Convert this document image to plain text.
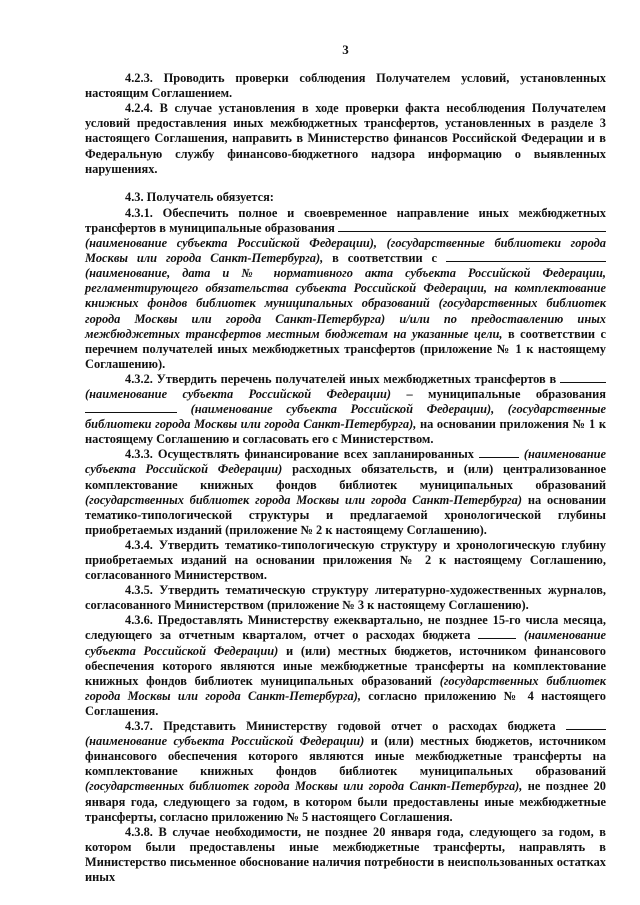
3

4.2.3. Проводить проверки соблюдения Получателем условий, установленных настоящим Соглашением.

4.2.4. В случае установления в ходе проверки факта несоблюдения Получателем условий предоставления иных межбюджетных трансфертов, установленных в разделе 3 настоящего Соглашения, направить в Министерство финансов Российской Федерации и в Федеральную службу финансово-бюджетного надзора информацию о выявленных нарушениях.

4.3. Получатель обязуется:

4.3.1. Обеспечить полное и своевременное направление иных межбюджетных трансфертов в муниципальные образования  (наименование субъекта Российской Федерации), (государственные библиотеки города Москвы или города Санкт-Петербурга), в соответствии с  (наименование, дата и № нормативного акта субъекта Российской Федерации, регламентирующего обязательства субъекта Российской Федерации, на комплектование книжных фондов библиотек муниципальных образований (государственных библиотек города Москвы или города Санкт-Петербурга) и/или по предоставлению иных межбюджетных трансфертов местным бюджетам на указанные цели, в соответствии с перечнем получателей иных межбюджетных трансфертов (приложение № 1 к настоящему Соглашению).

4.3.2. Утвердить перечень получателей иных межбюджетных трансфертов в  (наименование субъекта Российской Федерации) – муниципальные образования  (наименование субъекта Российской Федерации), (государственные библиотеки города Москвы или города Санкт-Петербурга), на основании приложения № 1 к настоящему Соглашению и согласовать его с Министерством.

4.3.3. Осуществлять финансирование всех запланированных	(наименование субъекта Российской Федерации) расходных обязательств, и (или) централизованное комплектование книжных фондов библиотек муниципальных образований (государственных библиотек города Москвы или города Санкт-Петербурга) на основании тематико-типологической структуры и предлагаемой хронологической глубины приобретаемых изданий (приложение № 2 к настоящему Соглашению).

4.3.4. Утвердить тематико-типологическую структуру и хронологическую глубину приобретаемых изданий на основании приложения № 2 к настоящему Соглашению, согласованного Министерством.

4.3.5. Утвердить тематическую структуру литературно-художественных журналов, согласованного Министерством (приложение № 3 к настоящему Соглашению).

4.3.6. Предоставлять Министерству ежеквартально, не позднее 15-го числа месяца, следующего за отчетным кварталом, отчет о расходах бюджета	(наименование субъекта Российской Федерации) и (или) местных бюджетов, источником финансового обеспечения которого являются иные межбюджетные трансферты на комплектование книжных фондов библиотек муниципальных образований (государственных библиотек города Москвы или города Санкт-Петербурга), согласно приложению № 4 настоящего Соглашения.

4.3.7. Представить Министерству годовой отчет о расходах бюджета  (наименование субъекта Российской Федерации) и (или) местных бюджетов, источником финансового обеспечения которого являются иные межбюджетные трансферты на комплектование книжных фондов библиотек муниципальных образований (государственных библиотек города Москвы или города Санкт-Петербурга), не позднее 20 января года, следующего за годом, в котором были предоставлены иные межбюджетные трансферты, согласно приложению № 5 настоящего Соглашения.

4.3.8. В случае необходимости, не позднее 20 января года, следующего за годом, в котором были предоставлены иные межбюджетные трансферты, направлять в Министерство письменное обоснование наличия потребности в неиспользованных остатках иных
